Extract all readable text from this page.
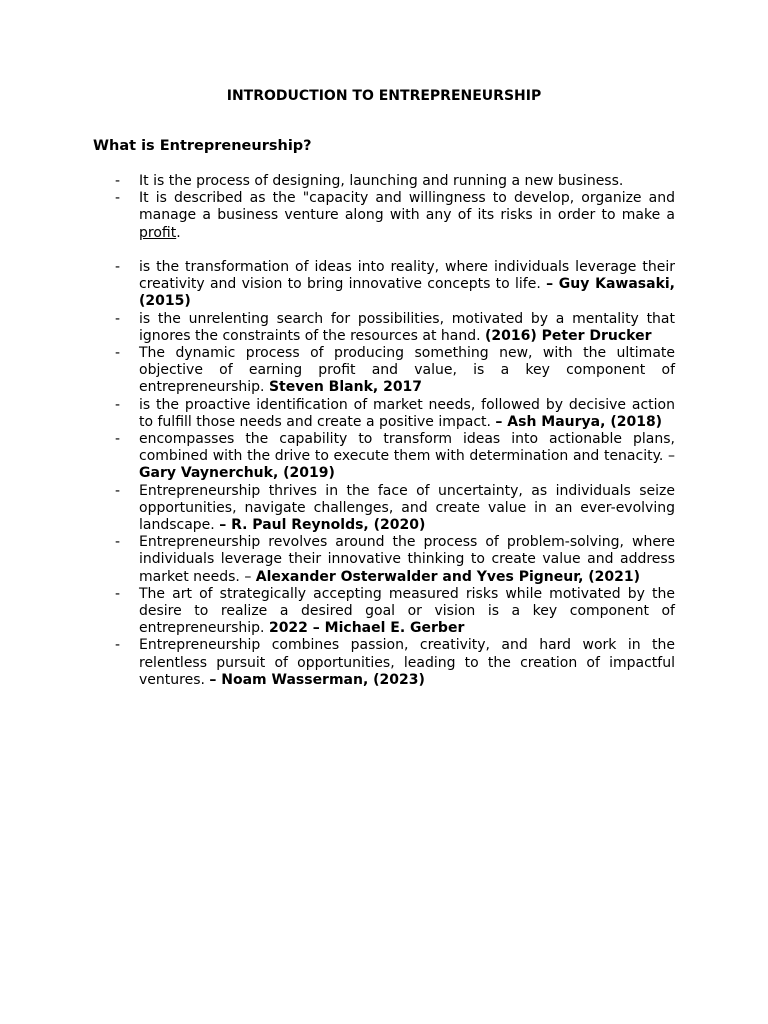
INTRODUCTION TO ENTREPRENEURSHIP
What is Entrepreneurship?
- It is the process of designing, launching and running a new business.
- It is described as the "capacity and willingness to develop, organize and manage a business venture along with any of its risks in order to make a profit.
- is the transformation of ideas into reality, where individuals leverage their creativity and vision to bring innovative concepts to life. – Guy Kawasaki, (2015)
- is the unrelenting search for possibilities, motivated by a mentality that ignores the constraints of the resources at hand. (2016) Peter Drucker
- The dynamic process of producing something new, with the ultimate objective of earning profit and value, is a key component of entrepreneurship. Steven Blank, 2017
- is the proactive identification of market needs, followed by decisive action to fulfill those needs and create a positive impact. – Ash Maurya, (2018)
- encompasses the capability to transform ideas into actionable plans, combined with the drive to execute them with determination and tenacity. – Gary Vaynerchuk, (2019)
- Entrepreneurship thrives in the face of uncertainty, as individuals seize opportunities, navigate challenges, and create value in an ever-evolving landscape. – R. Paul Reynolds, (2020)
- Entrepreneurship revolves around the process of problem-solving, where individuals leverage their innovative thinking to create value and address market needs. – Alexander Osterwalder and Yves Pigneur, (2021)
- The art of strategically accepting measured risks while motivated by the desire to realize a desired goal or vision is a key component of entrepreneurship. 2022 – Michael E. Gerber
- Entrepreneurship combines passion, creativity, and hard work in the relentless pursuit of opportunities, leading to the creation of impactful ventures. – Noam Wasserman, (2023)
